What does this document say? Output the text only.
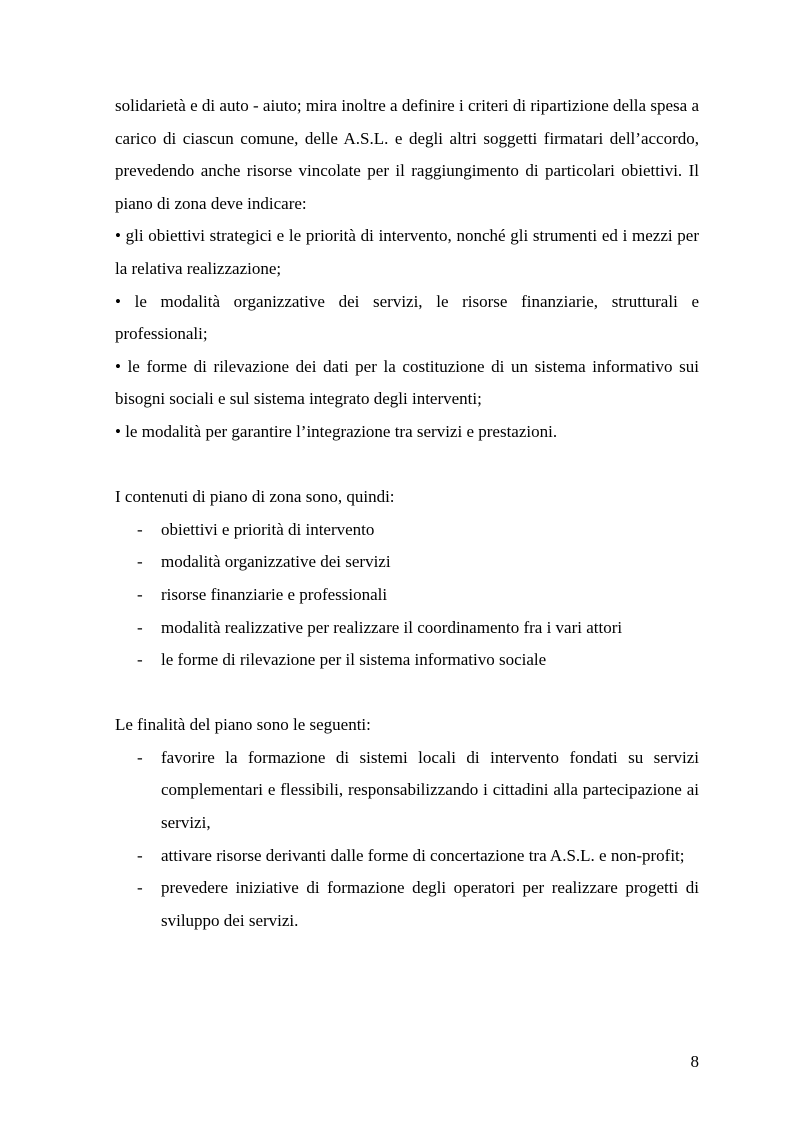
solidarietà e di auto - aiuto; mira inoltre a definire i criteri di ripartizione della spesa a carico di ciascun comune, delle A.S.L. e degli altri soggetti firmatari dell’accordo, prevedendo anche risorse vincolate per il raggiungimento di particolari obiettivi. Il piano di zona deve indicare:

• gli obiettivi strategici e le priorità di intervento, nonché gli strumenti ed i mezzi per la relativa realizzazione;

• le modalità organizzative dei servizi, le risorse finanziarie, strutturali e professionali;

• le forme di rilevazione dei dati per la costituzione di un sistema informativo sui bisogni sociali e sul sistema integrato degli interventi;

• le modalità per garantire l’integrazione tra servizi e prestazioni.

I contenuti di piano di zona sono, quindi:

- obiettivi e priorità di intervento
- modalità organizzative dei servizi
- risorse finanziarie e professionali
- modalità realizzative per realizzare il coordinamento fra i vari attori
- le forme di rilevazione per il sistema informativo sociale

Le finalità del piano sono le seguenti:

- favorire la formazione di sistemi locali di intervento fondati su servizi complementari e flessibili, responsabilizzando i cittadini alla partecipazione ai servizi,
- attivare risorse derivanti dalle forme di concertazione tra A.S.L. e non-profit;
- prevedere iniziative di formazione degli operatori per realizzare progetti di sviluppo dei servizi.
8
